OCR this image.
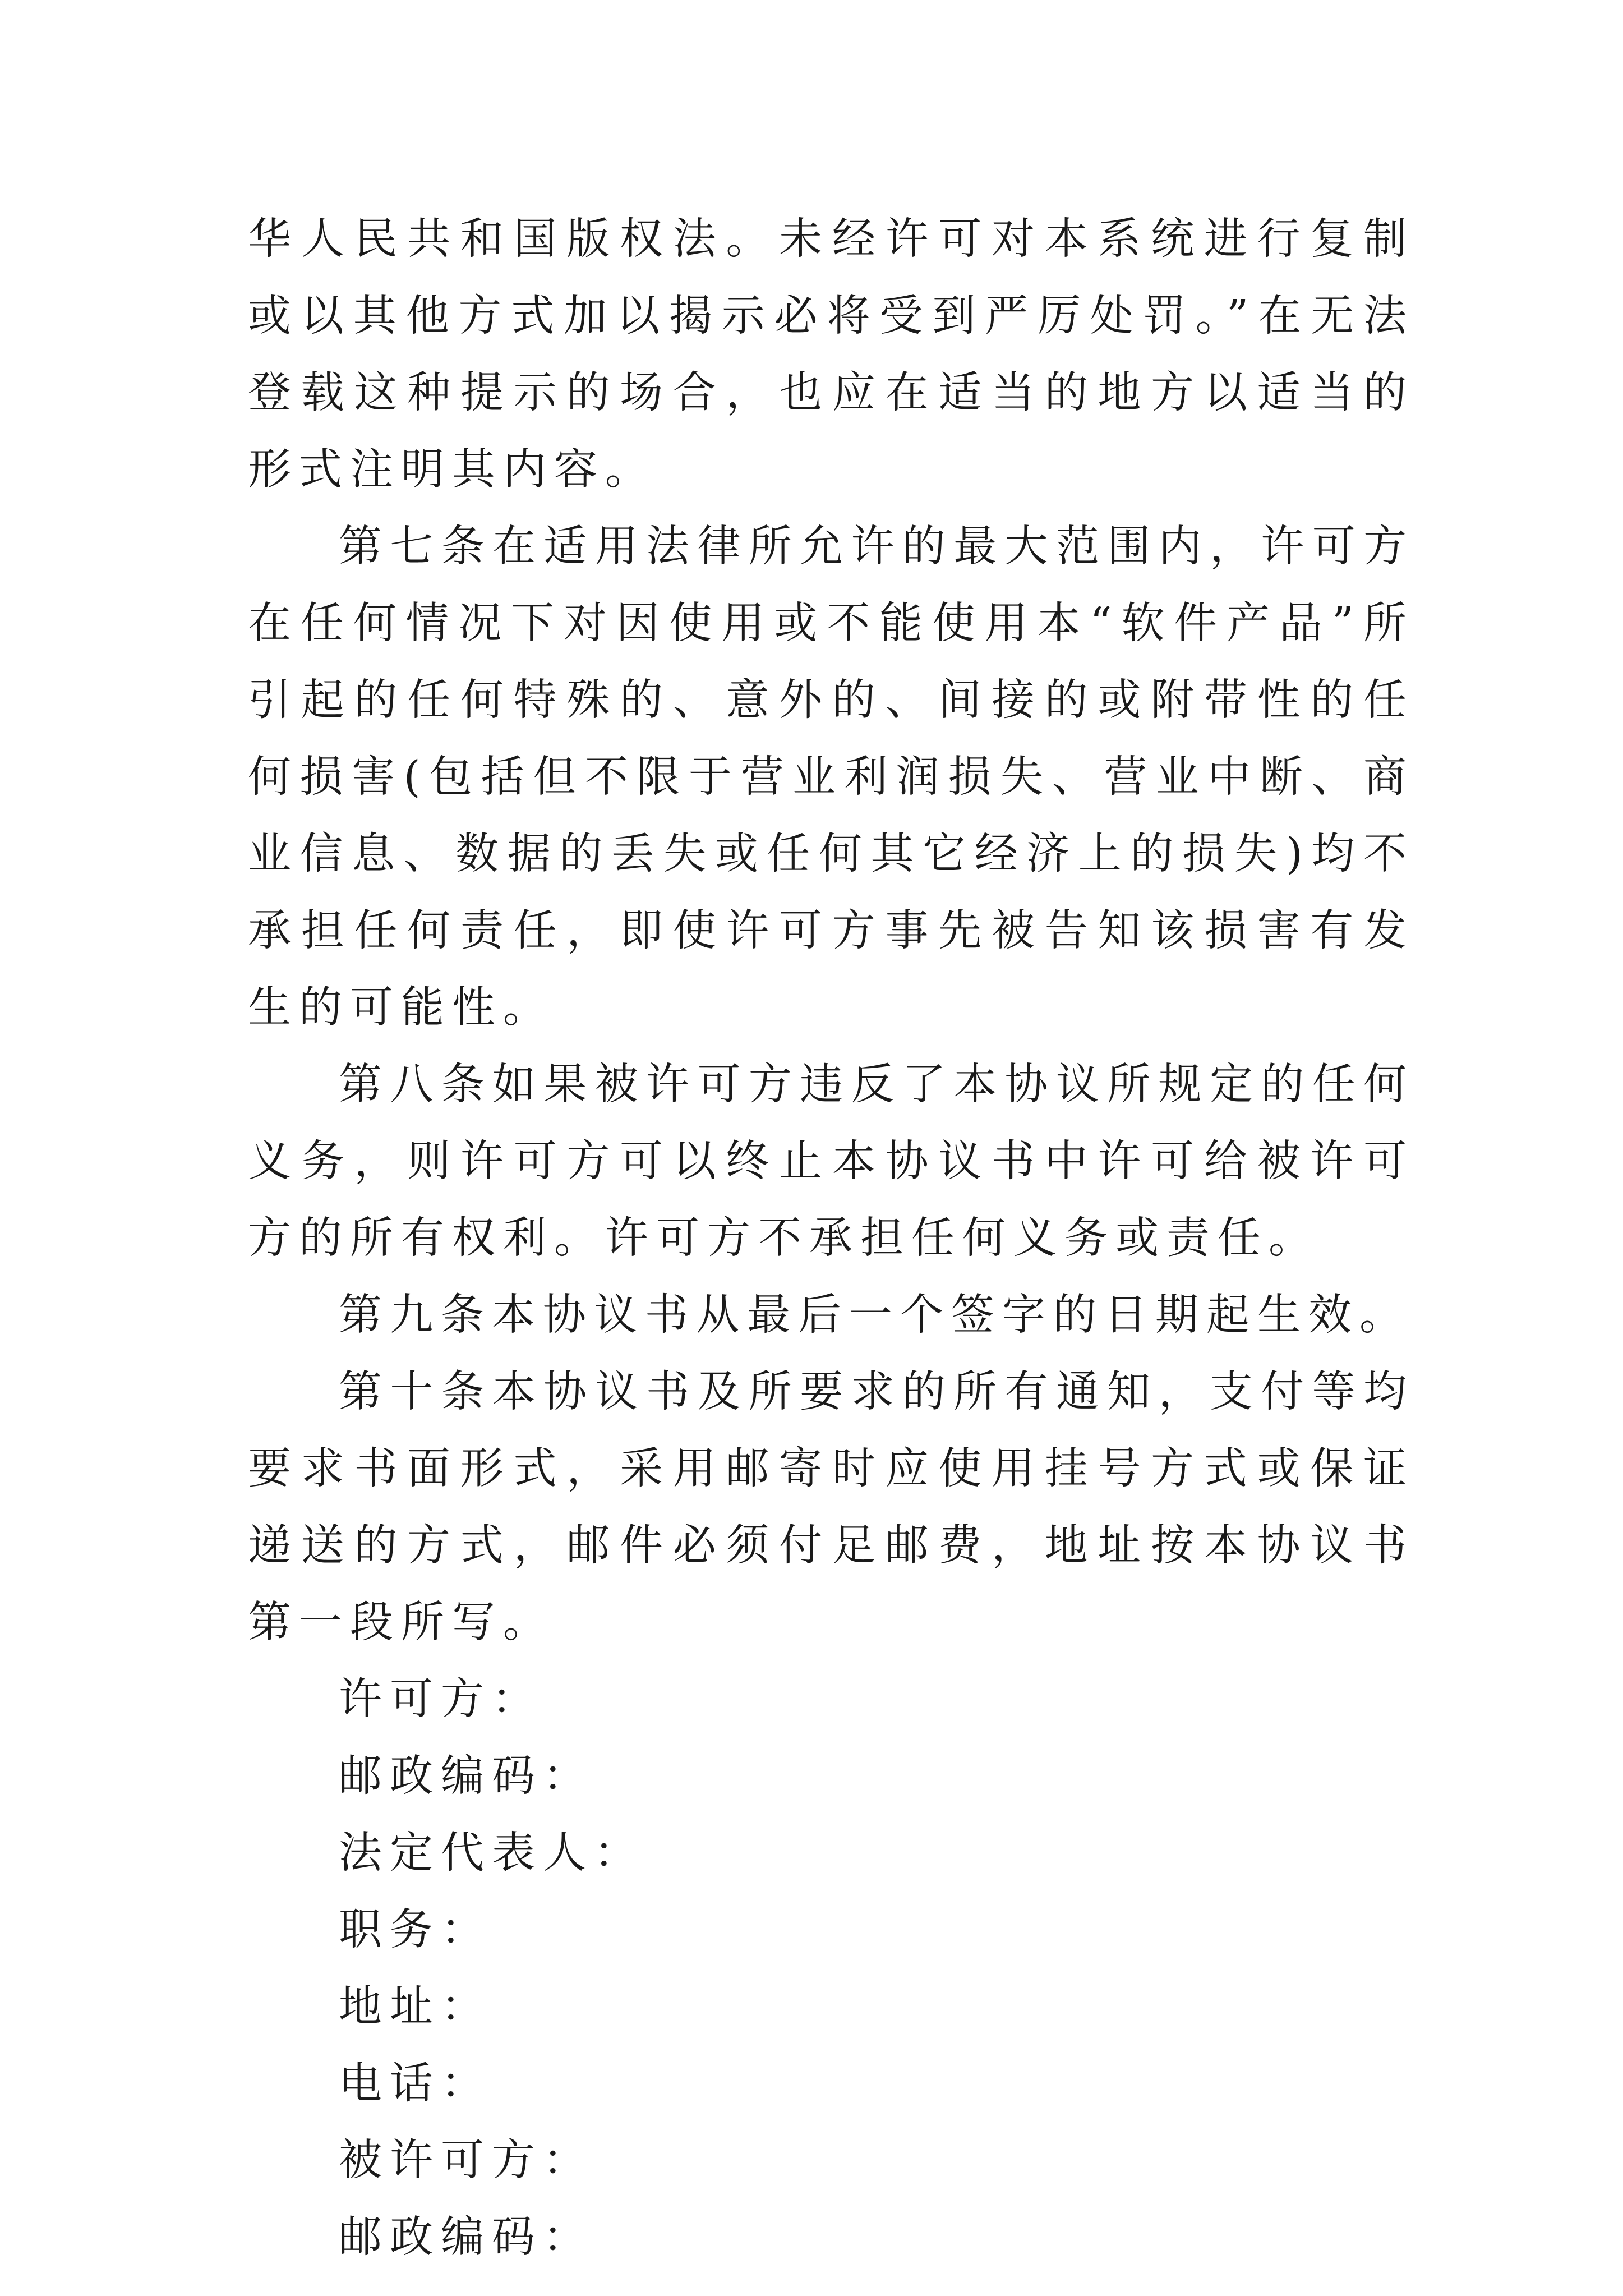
华人民共和国版权法。未经许可对本系统进行复制或以其他方式加以揭示必将受到严厉处罚。”在无法登载这种提示的场合，也应在适当的地方以适当的形式注明其内容。

第七条在适用法律所允许的最大范围内，许可方在任何情况下对因使用或不能使用本“软件产品”所引起的任何特殊的、意外的、间接的或附带性的任何损害(包括但不限于营业利润损失、营业中断、商业信息、数据的丢失或任何其它经济上的损失)均不承担任何责任，即使许可方事先被告知该损害有发生的可能性。

第八条如果被许可方违反了本协议所规定的任何义务，则许可方可以终止本协议书中许可给被许可方的所有权利。许可方不承担任何义务或责任。

第九条本协议书从最后一个签字的日期起生效。

第十条本协议书及所要求的所有通知，支付等均要求书面形式，采用邮寄时应使用挂号方式或保证递送的方式，邮件必须付足邮费，地址按本协议书第一段所写。

许可方：

邮政编码：

法定代表人：

职务：

地址：

电话：

被许可方：

邮政编码：
